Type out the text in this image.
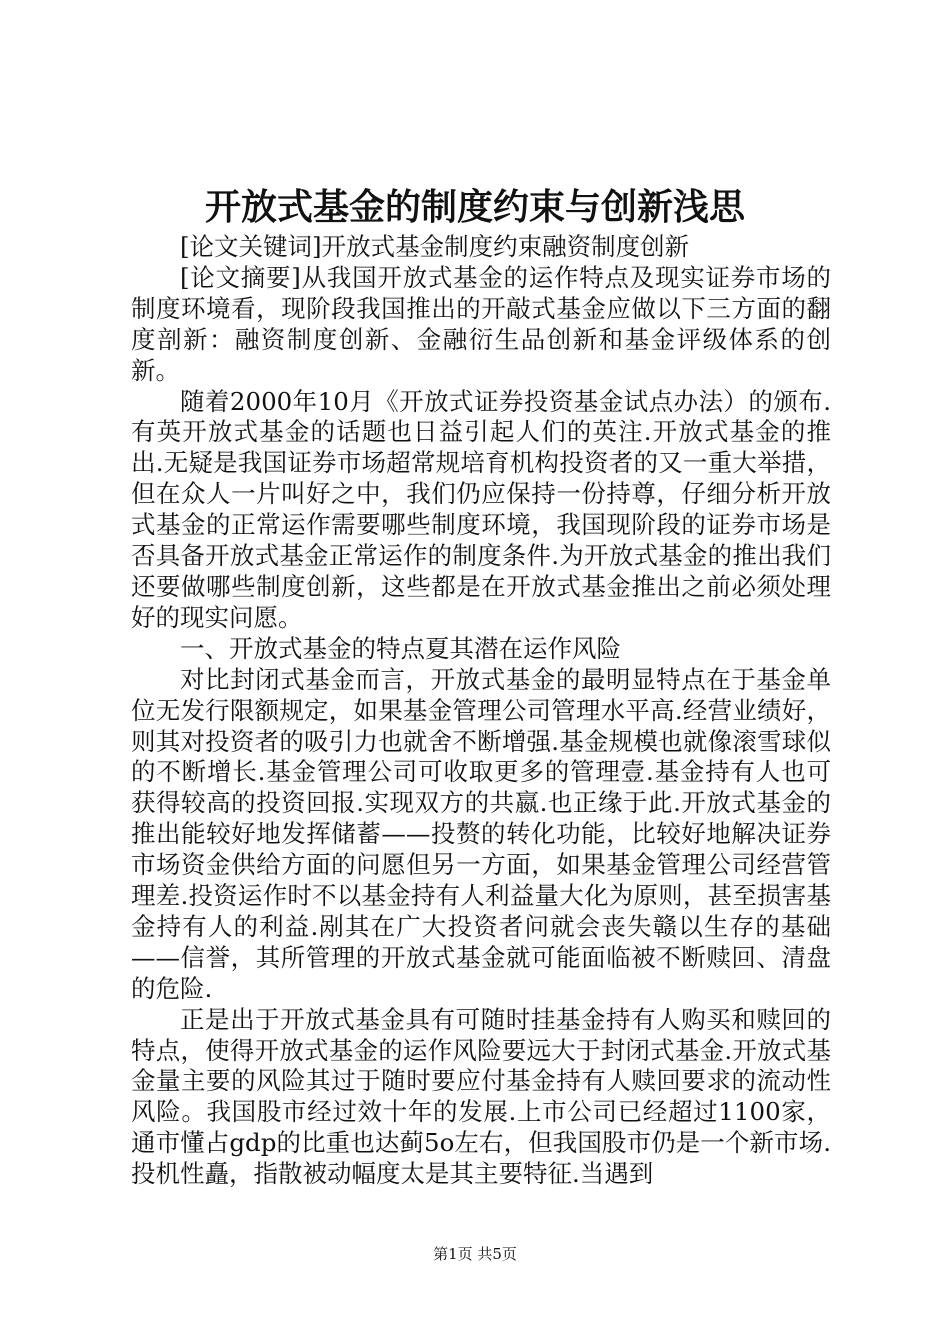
开放式基金的制度约束与创新浅思

[论文关键词]开放式基金制度约束融资制度创新

[论文摘要]从我国开放式基金的运作特点及现实证券市场的制度环境看，现阶段我国推出的开敲式基金应做以下三方面的翻度剖新：融资制度创新、金融衍生品创新和基金评级体系的创新。

随着2000年10月《开放式证券投资基金试点办法）的颁布.有英开放式基金的话题也日益引起人们的英注.开放式基金的推出.无疑是我国证券市场超常规培育机构投资者的又一重大举措，但在众人一片叫好之中，我们仍应保持一份持尊，仔细分析开放式基金的正常运作需要哪些制度环境，我国现阶段的证券市场是否具备开放式基金正常运作的制度条件.为开放式基金的推出我们还要做哪些制度创新，这些都是在开放式基金推出之前必须处理好的现实问愿。

一、开放式基金的特点夏其潜在运作风险

对比封闭式基金而言，开放式基金的最明显特点在于基金单位无发行限额规定，如果基金管理公司管理水平高.经营业绩好，则其对投资者的吸引力也就舍不断增强.基金规模也就像滚雪球似的不断增长.基金管理公司可收取更多的管理壹.基金持有人也可获得较高的投资回报.实现双方的共嬴.也正缘于此.开放式基金的推出能较好地发挥储蓄——投赘的转化功能，比较好地解决证券市场资金供给方面的问愿但另一方面，如果基金管理公司经营管理差.投资运作时不以基金持有人利益量大化为原则，甚至损害基金持有人的利益.剐其在广大投资者问就会丧失赣以生存的基础——信誉，其所管理的开放式基金就可能面临被不断赎回、清盘的危险.

正是出于开放式基金具有可随时挂基金持有人购买和赎回的特点，使得开放式基金的运作风险要远大于封闭式基金.开放式基金量主要的风险其过于随时要应付基金持有人赎回要求的流动性风险。我国股市经过效十年的发展.上市公司已经超过1100家，通市懂占gdp的比重也达蓟5o左右，但我国股市仍是一个新市场.投机性矗，指散被动幅度太是其主要特征.当遇到

第1页 共5页
